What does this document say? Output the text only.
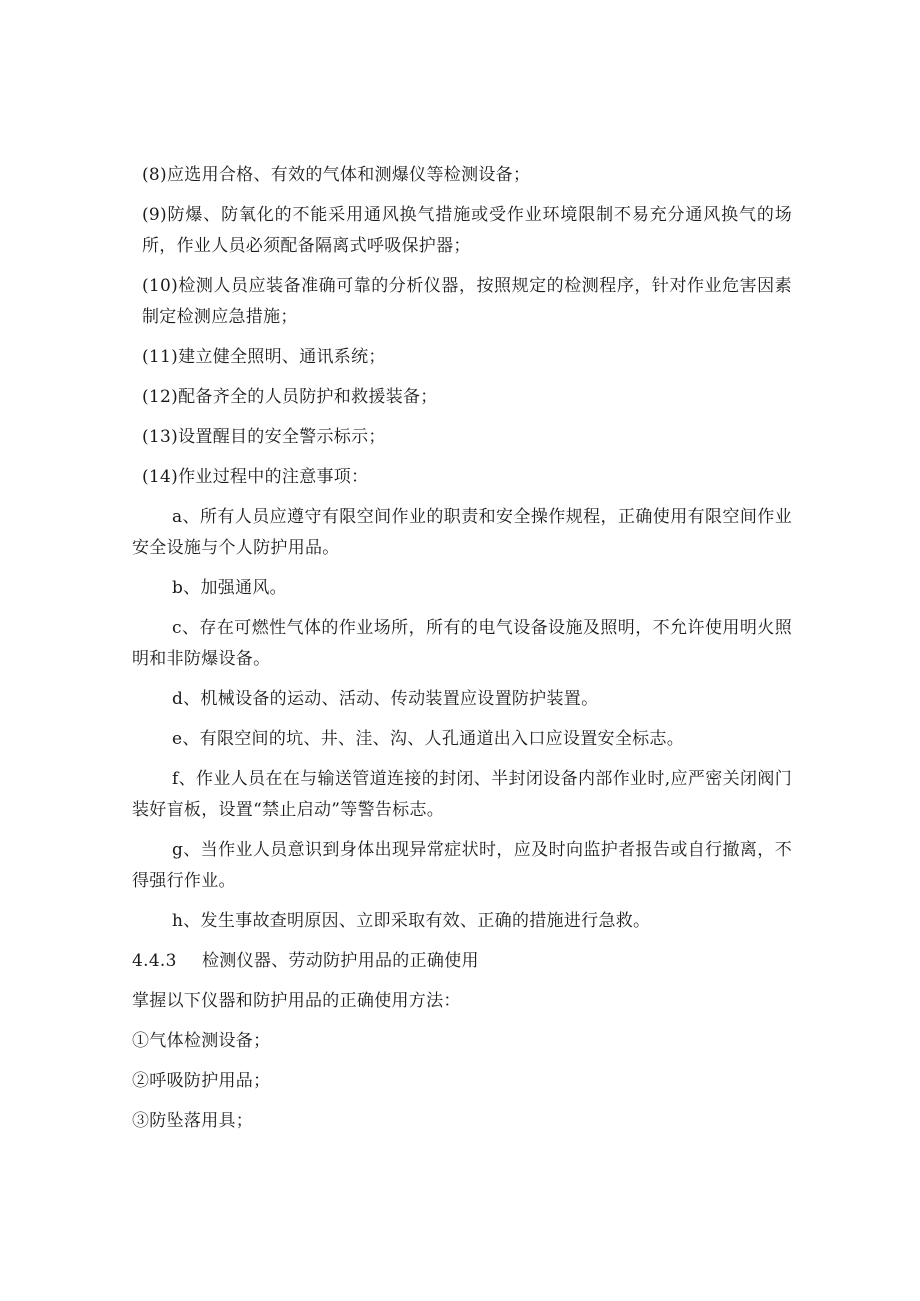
(8)应选用合格、有效的气体和测爆仪等检测设备；

(9)防爆、防氧化的不能采用通风换气措施或受作业环境限制不易充分通风换气的场所，作业人员必须配备隔离式呼吸保护器；

(10)检测人员应装备准确可靠的分析仪器，按照规定的检测程序，针对作业危害因素制定检测应急措施；

(11)建立健全照明、通讯系统；

(12)配备齐全的人员防护和救援装备；

(13)设置醒目的安全警示标示；

(14)作业过程中的注意事项：

a、所有人员应遵守有限空间作业的职责和安全操作规程，正确使用有限空间作业安全设施与个人防护用品。

b、加强通风。

c、存在可燃性气体的作业场所，所有的电气设备设施及照明，不允许使用明火照明和非防爆设备。

d、机械设备的运动、活动、传动装置应设置防护装置。

e、有限空间的坑、井、洼、沟、人孔通道出入口应设置安全标志。

f、作业人员在在与输送管道连接的封闭、半封闭设备内部作业时,应严密关闭阀门装好盲板，设置“禁止启动”等警告标志。

g、当作业人员意识到身体出现异常症状时，应及时向监护者报告或自行撤离，不得强行作业。

h、发生事故查明原因、立即采取有效、正确的措施进行急救。

4.4.3 检测仪器、劳动防护用品的正确使用

掌握以下仪器和防护用品的正确使用方法：

①气体检测设备；

②呼吸防护用品；

③防坠落用具；
